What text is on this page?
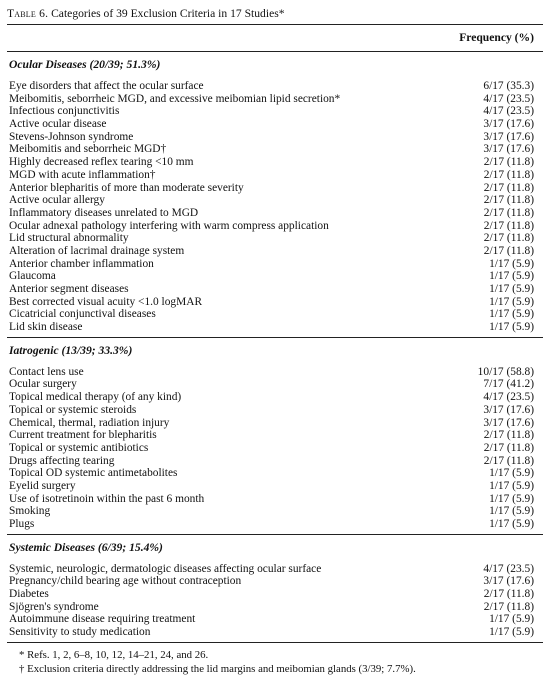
Table 6. Categories of 39 Exclusion Criteria in 17 Studies*
Frequency (%)
Ocular Diseases (20/39; 51.3%)
Eye disorders that affect the ocular surface	6/17 (35.3)
Meibomitis, seborrheic MGD, and excessive meibomian lipid secretion*	4/17 (23.5)
Infectious conjunctivitis	4/17 (23.5)
Active ocular disease	3/17 (17.6)
Stevens-Johnson syndrome	3/17 (17.6)
Meibomitis and seborrheic MGD†	3/17 (17.6)
Highly decreased reflex tearing <10 mm	2/17 (11.8)
MGD with acute inflammation†	2/17 (11.8)
Anterior blepharitis of more than moderate severity	2/17 (11.8)
Active ocular allergy	2/17 (11.8)
Inflammatory diseases unrelated to MGD	2/17 (11.8)
Ocular adnexal pathology interfering with warm compress application	2/17 (11.8)
Lid structural abnormality	2/17 (11.8)
Alteration of lacrimal drainage system	2/17 (11.8)
Anterior chamber inflammation	1/17 (5.9)
Glaucoma	1/17 (5.9)
Anterior segment diseases	1/17 (5.9)
Best corrected visual acuity <1.0 logMAR	1/17 (5.9)
Cicatricial conjunctival diseases	1/17 (5.9)
Lid skin disease	1/17 (5.9)
Iatrogenic (13/39; 33.3%)
Contact lens use	10/17 (58.8)
Ocular surgery	7/17 (41.2)
Topical medical therapy (of any kind)	4/17 (23.5)
Topical or systemic steroids	3/17 (17.6)
Chemical, thermal, radiation injury	3/17 (17.6)
Current treatment for blepharitis	2/17 (11.8)
Topical or systemic antibiotics	2/17 (11.8)
Drugs affecting tearing	2/17 (11.8)
Topical OD systemic antimetabolites	1/17 (5.9)
Eyelid surgery	1/17 (5.9)
Use of isotretinoin within the past 6 month	1/17 (5.9)
Smoking	1/17 (5.9)
Plugs	1/17 (5.9)
Systemic Diseases (6/39; 15.4%)
Systemic, neurologic, dermatologic diseases affecting ocular surface	4/17 (23.5)
Pregnancy/child bearing age without contraception	3/17 (17.6)
Diabetes	2/17 (11.8)
Sjögren's syndrome	2/17 (11.8)
Autoimmune disease requiring treatment	1/17 (5.9)
Sensitivity to study medication	1/17 (5.9)
* Refs. 1, 2, 6–8, 10, 12, 14–21, 24, and 26.
† Exclusion criteria directly addressing the lid margins and meibomian glands (3/39; 7.7%).
